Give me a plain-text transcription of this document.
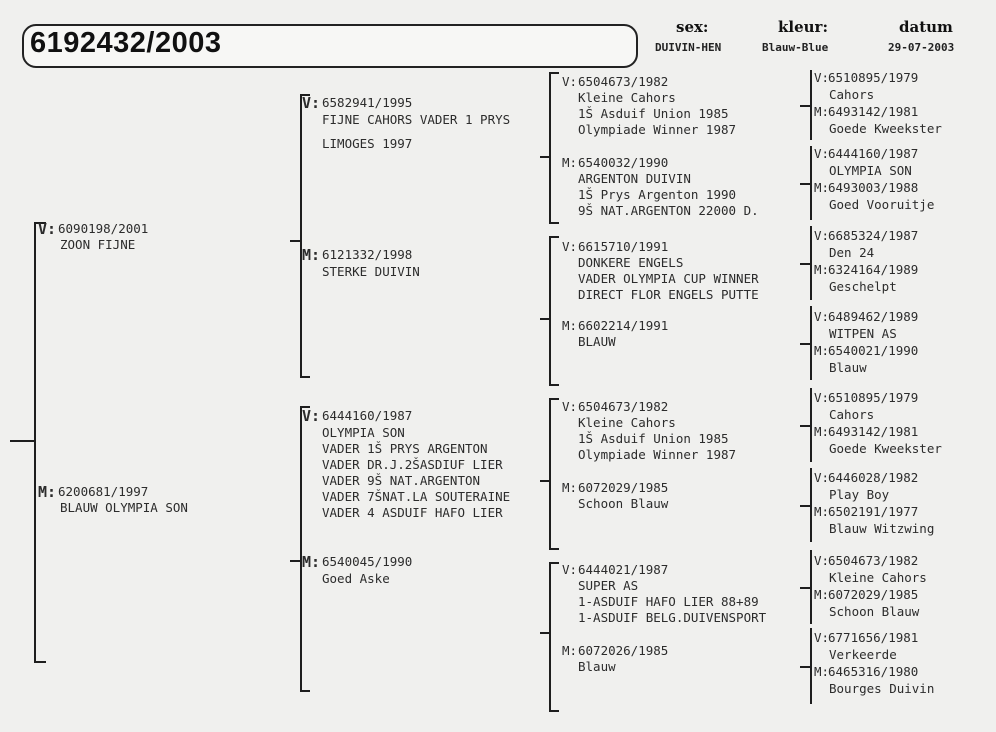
6192432/2003	sex:
DUIVIN-HEN
kleur:
Blauw-Blue
datum
29-07-2003
V: 6090198/2001
ZOON FIJNE
M: 6200681/1997
BLAUW OLYMPIA SON
V: 6582941/1995
FIJNE CAHORS VADER 1 PRYS
LIMOGES 1997
M: 6121332/1998
STERKE DUIVIN
V: 6444160/1987
OLYMPIA SON
VADER 1Š PRYS ARGENTON
VADER DR.J.2ŠASDIUF LIER
VADER 9Š NAT.ARGENTON
VADER 7ŠNAT.LA SOUTERAINE
VADER 4 ASDUIF HAFO LIER
M: 6540045/1990
Goed Aske
V: 6504673/1982
Kleine Cahors
1Š Asduif Union 1985
Olympiade Winner 1987
M: 6540032/1990
ARGENTON DUIVIN
1Š Prys Argenton 1990
9Š NAT.ARGENTON 22000 D.
V: 6615710/1991
DONKERE ENGELS
VADER OLYMPIA CUP WINNER
DIRECT FLOR ENGELS PUTTE
M: 6602214/1991
BLAUW
V: 6504673/1982
Kleine Cahors
1Š Asduif Union 1985
Olympiade Winner 1987
M: 6072029/1985
Schoon Blauw
V: 6444021/1987
SUPER AS
1-ASDUIF HAFO LIER 88+89
1-ASDUIF BELG.DUIVENSPORT
M: 6072026/1985
Blauw
V:
6510895/1979
Cahors
M:
6493142/1981
Goede Kweekster
V:
6444160/1987
OLYMPIA SON
M:
6493003/1988
Goed Vooruitje
V:
6685324/1987
Den 24
M:
6324164/1989
Geschelpt
V:
6489462/1989
WITPEN AS
M:
6540021/1990
Blauw
V:
6510895/1979
Cahors
M:
6493142/1981
Goede Kweekster
V:
6446028/1982
Play Boy
M:
6502191/1977
Blauw Witzwing
V:
6504673/1982
Kleine Cahors
M:
6072029/1985
Schoon Blauw
V:
6771656/1981
Verkeerde
M:
6465316/1980
Bourges Duivin
